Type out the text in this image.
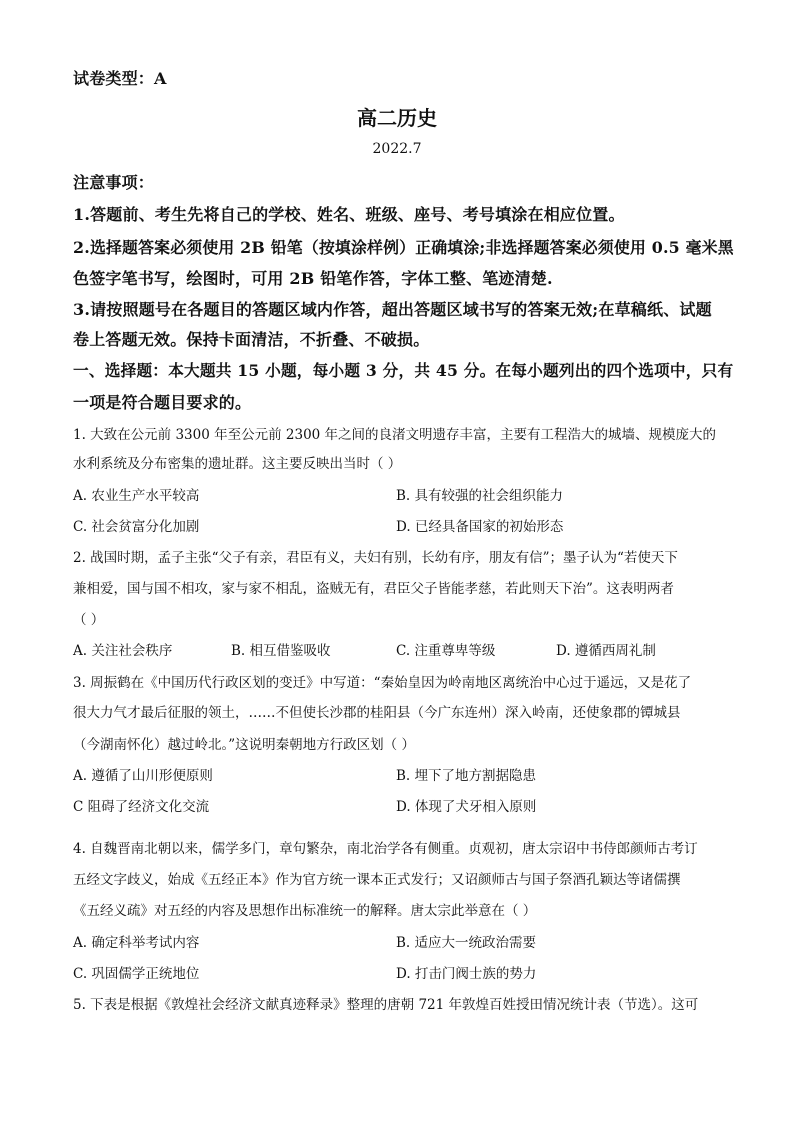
试卷类型：A
高二历史
2022.7
注意事项：
1.答题前、考生先将自己的学校、姓名、班级、座号、考号填涂在相应位置。
2.选择题答案必须使用 2B 铅笔（按填涂样例）正确填涂;非选择题答案必须使用 0.5 毫米黑
色签字笔书写，绘图时，可用 2B 铅笔作答，字体工整、笔迹清楚.
3.请按照题号在各题目的答题区域内作答，超出答题区域书写的答案无效;在草稿纸、试题
卷上答题无效。保持卡面清洁，不折叠、不破损。
一、选择题：本大题共 15 小题，每小题 3 分，共 45 分。在每小题列出的四个选项中，只有
一项是符合题目要求的。
1. 大致在公元前 3300 年至公元前 2300 年之间的良渚文明遗存丰富，主要有工程浩大的城墙、规模庞大的
水利系统及分布密集的遗址群。这主要反映出当时（ ）
A. 农业生产水平较高	B. 具有较强的社会组织能力
C. 社会贫富分化加剧	D. 已经具备国家的初始形态
2. 战国时期，孟子主张“父子有亲，君臣有义，夫妇有别，长幼有序，朋友有信”；墨子认为“若使天下
兼相爱，国与国不相攻，家与家不相乱，盗贼无有，君臣父子皆能孝慈，若此则天下治”。这表明两者
（ ）
A. 关注社会秩序	B. 相互借鉴吸收	C. 注重尊卑等级	D. 遵循西周礼制
3. 周振鹤在《中国历代行政区划的变迁》中写道：“秦始皇因为岭南地区离统治中心过于遥远，又是花了
很大力气才最后征服的领土，……不但使长沙郡的桂阳县（今广东连州）深入岭南，还使象郡的镡城县
（今湖南怀化）越过岭北。”这说明秦朝地方行政区划（ ）
A. 遵循了山川形便原则	B. 埋下了地方割据隐患
C 阻碍了经济文化交流	D. 体现了犬牙相入原则
4. 自魏晋南北朝以来，儒学多门，章句繁杂，南北治学各有侧重。贞观初，唐太宗诏中书侍郎颜师古考订
五经文字歧义，始成《五经正本》作为官方统一课本正式发行；又诏颜师古与国子祭酒孔颖达等诸儒撰
《五经义疏》对五经的内容及思想作出标准统一的解释。唐太宗此举意在（ ）
A. 确定科举考试内容	B. 适应大一统政治需要
C. 巩固儒学正统地位	D. 打击门阀士族的势力
5. 下表是根据《敦煌社会经济文献真迹释录》整理的唐朝 721 年敦煌百姓授田情况统计表（节选）。这可
